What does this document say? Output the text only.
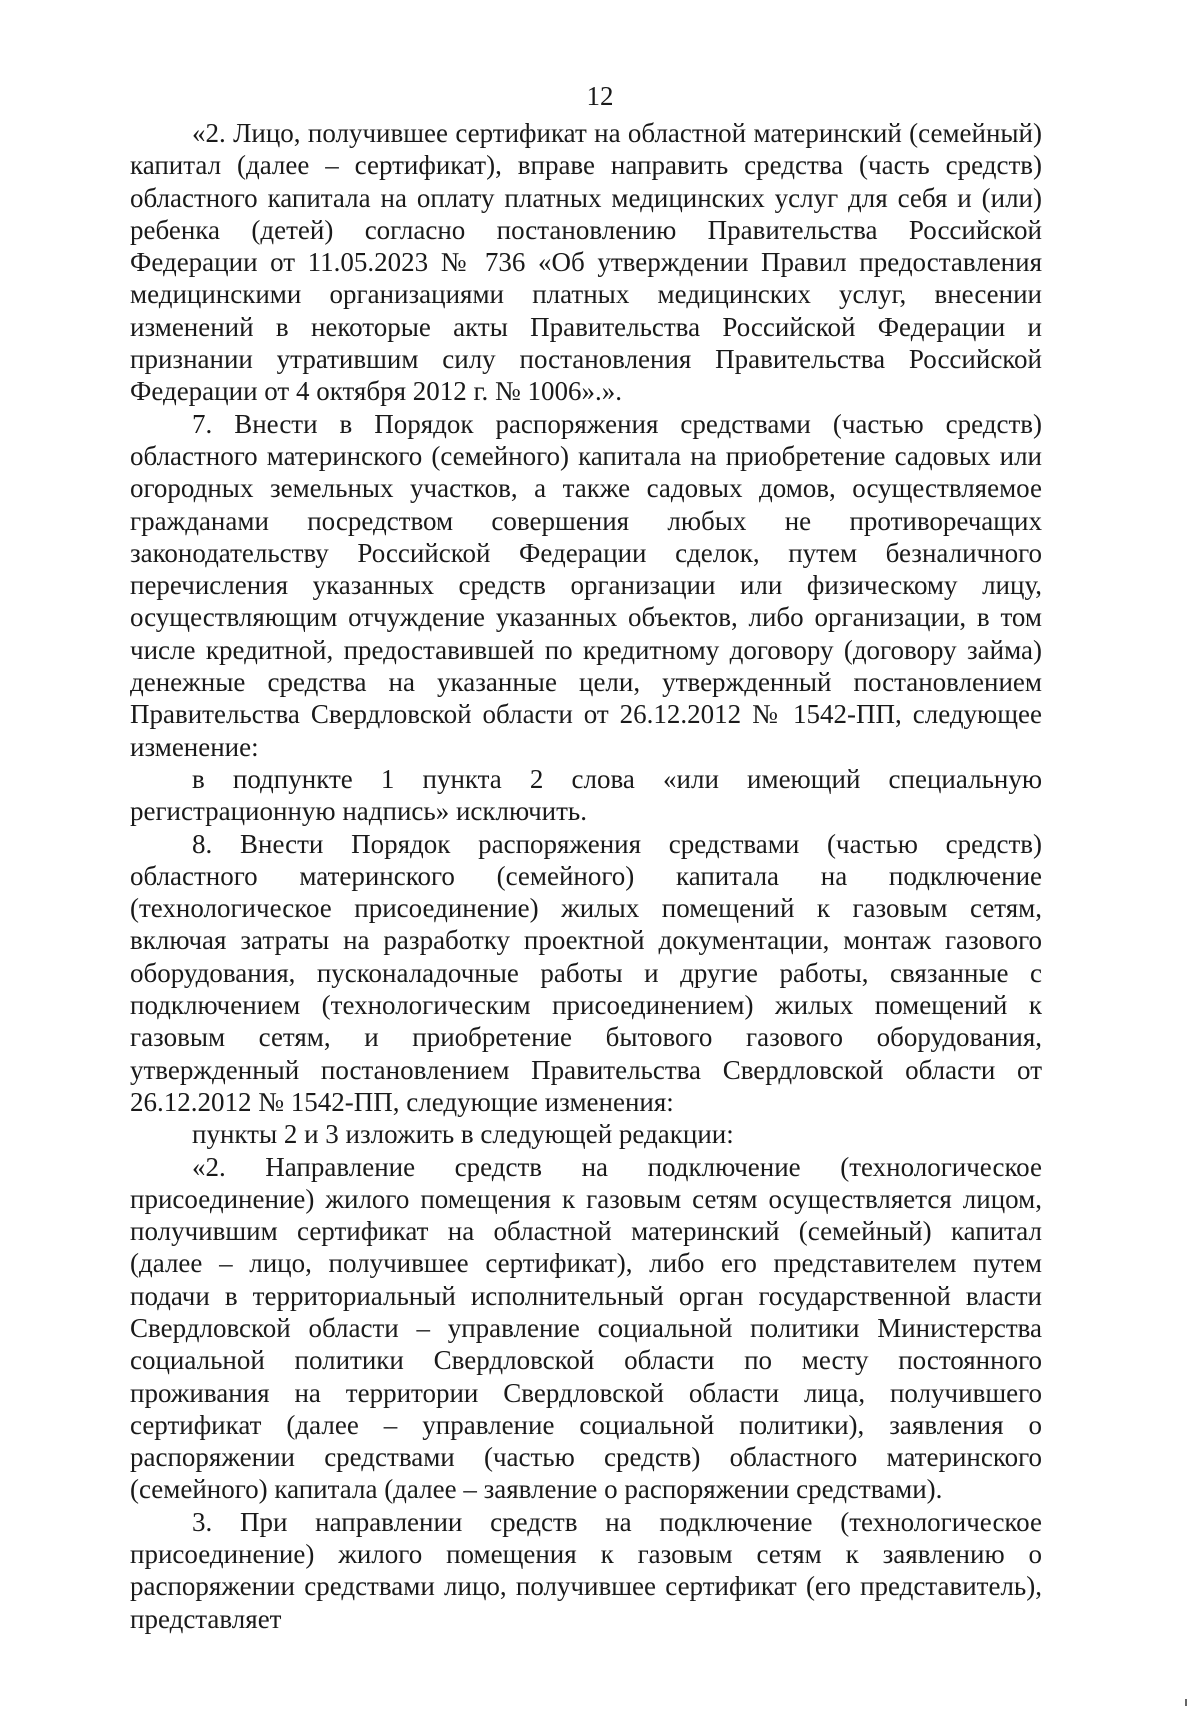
12

«2. Лицо, получившее сертификат на областной материнский (семейный) капитал (далее – сертификат), вправе направить средства (часть средств) областного капитала на оплату платных медицинских услуг для себя и (или) ребенка (детей) согласно постановлению Правительства Российской Федерации от 11.05.2023 № 736 «Об утверждении Правил предоставления медицинскими организациями платных медицинских услуг, внесении изменений в некоторые акты Правительства Российской Федерации и признании утратившим силу постановления Правительства Российской Федерации от 4 октября 2012 г. № 1006».».

7. Внести в Порядок распоряжения средствами (частью средств) областного материнского (семейного) капитала на приобретение садовых или огородных земельных участков, а также садовых домов, осуществляемое гражданами посредством совершения любых не противоречащих законодательству Российской Федерации сделок, путем безналичного перечисления указанных средств организации или физическому лицу, осуществляющим отчуждение указанных объектов, либо организации, в том числе кредитной, предоставившей по кредитному договору (договору займа) денежные средства на указанные цели, утвержденный постановлением Правительства Свердловской области от 26.12.2012 № 1542-ПП, следующее изменение:

в подпункте 1 пункта 2 слова «или имеющий специальную регистрационную надпись» исключить.

8. Внести Порядок распоряжения средствами (частью средств) областного материнского (семейного) капитала на подключение (технологическое присоединение) жилых помещений к газовым сетям, включая затраты на разработку проектной документации, монтаж газового оборудования, пусконаладочные работы и другие работы, связанные с подключением (технологическим присоединением) жилых помещений к газовым сетям, и приобретение бытового газового оборудования, утвержденный постановлением Правительства Свердловской области от 26.12.2012 № 1542-ПП, следующие изменения:

пункты 2 и 3 изложить в следующей редакции:

«2. Направление средств на подключение (технологическое присоединение) жилого помещения к газовым сетям осуществляется лицом, получившим сертификат на областной материнский (семейный) капитал (далее – лицо, получившее сертификат), либо его представителем путем подачи в территориальный исполнительный орган государственной власти Свердловской области – управление социальной политики Министерства социальной политики Свердловской области по месту постоянного проживания на территории Свердловской области лица, получившего сертификат (далее – управление социальной политики), заявления о распоряжении средствами (частью средств) областного материнского (семейного) капитала (далее – заявление о распоряжении средствами).

3. При направлении средств на подключение (технологическое присоединение) жилого помещения к газовым сетям к заявлению о распоряжении средствами лицо, получившее сертификат (его представитель), представляет
